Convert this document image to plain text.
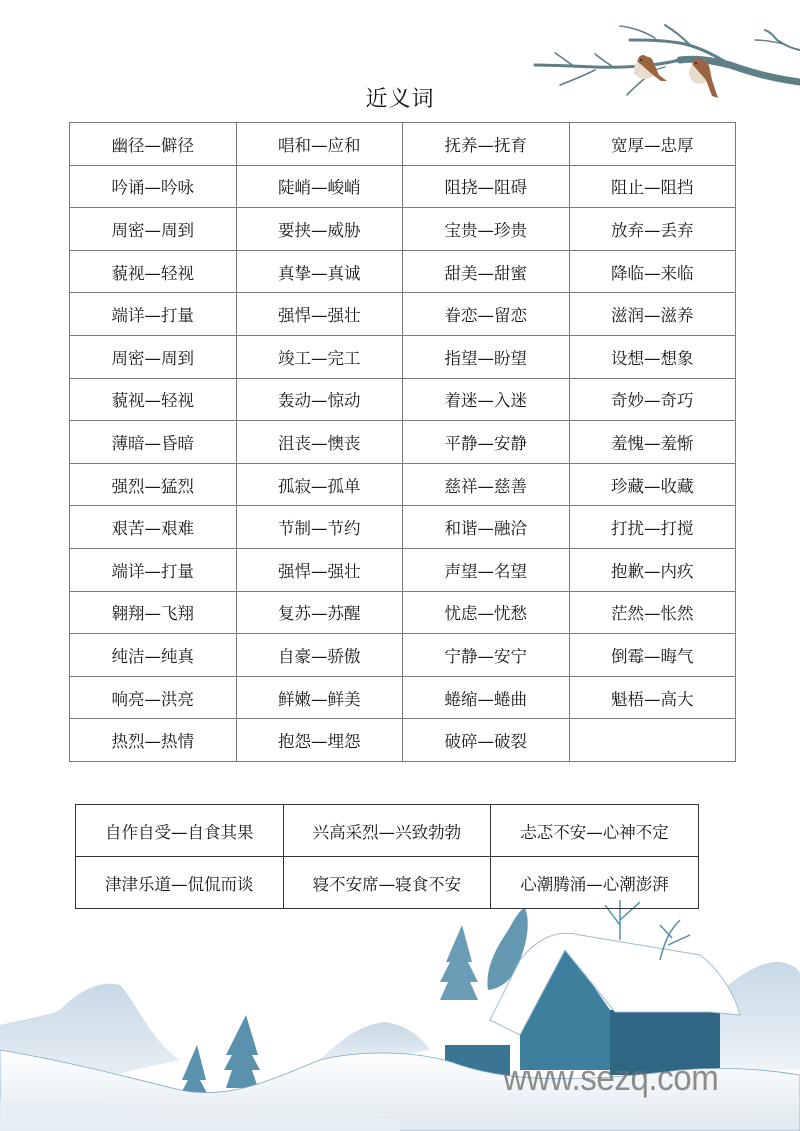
近义词
幽径—僻径	唱和—应和	抚养—抚育	宽厚—忠厚
吟诵—吟咏	陡峭—峻峭	阻挠—阻碍	阻止—阻挡
周密—周到	要挟—威胁	宝贵—珍贵	放弃—丢弃
藐视—轻视	真挚—真诚	甜美—甜蜜	降临—来临
端详—打量	强悍—强壮	眷恋—留恋	滋润—滋养
周密—周到	竣工—完工	指望—盼望	设想—想象
藐视—轻视	轰动—惊动	着迷—入迷	奇妙—奇巧
薄暗—昏暗	沮丧—懊丧	平静—安静	羞愧—羞惭
强烈—猛烈	孤寂—孤单	慈祥—慈善	珍藏—收藏
艰苦—艰难	节制—节约	和谐—融洽	打扰—打搅
端详—打量	强悍—强壮	声望—名望	抱歉—内疚
翱翔—飞翔	复苏—苏醒	忧虑—忧愁	茫然—怅然
纯洁—纯真	自豪—骄傲	宁静—安宁	倒霉—晦气
响亮—洪亮	鲜嫩—鲜美	蜷缩—蜷曲	魁梧—高大
热烈—热情	抱怨—埋怨	破碎—破裂	
自作自受—自食其果	兴高采烈—兴致勃勃	忐忑不安—心神不定
津津乐道—侃侃而谈	寝不安席—寝食不安	心潮腾涌—心潮澎湃
www.sezq.com
